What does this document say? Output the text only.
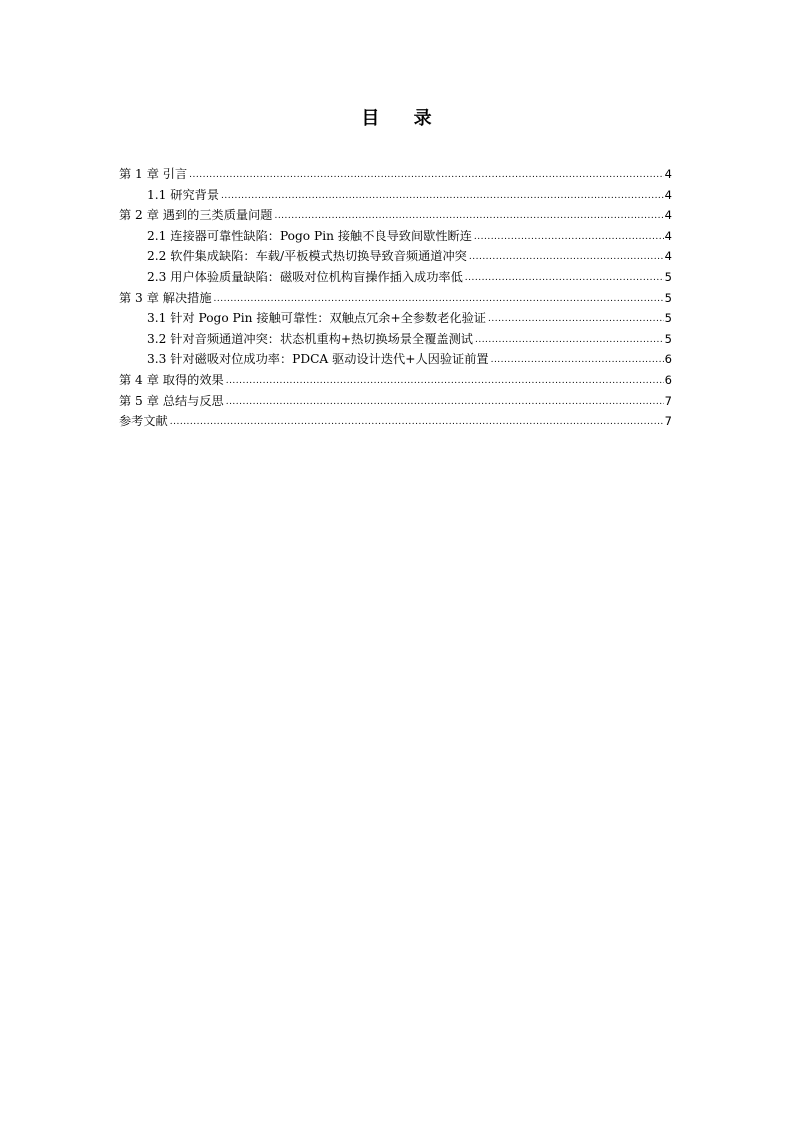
目 录
第 1 章 引言 .....	4
1.1 研究背景 .....	4
第 2 章 遇到的三类质量问题 .....	4
2.1 连接器可靠性缺陷：Pogo Pin 接触不良导致间歇性断连 .....	4
2.2 软件集成缺陷：车载/平板模式热切换导致音频通道冲突 .....	4
2.3 用户体验质量缺陷：磁吸对位机构盲操作插入成功率低 .....	5
第 3 章 解决措施 .....	5
3.1 针对 Pogo Pin 接触可靠性：双触点冗余+全参数老化验证 .....	5
3.2 针对音频通道冲突：状态机重构+热切换场景全覆盖测试 .....	5
3.3 针对磁吸对位成功率：PDCA 驱动设计迭代+人因验证前置 .....	6
第 4 章 取得的效果 .....	6
第 5 章 总结与反思 .....	7
参考文献 .....	7
